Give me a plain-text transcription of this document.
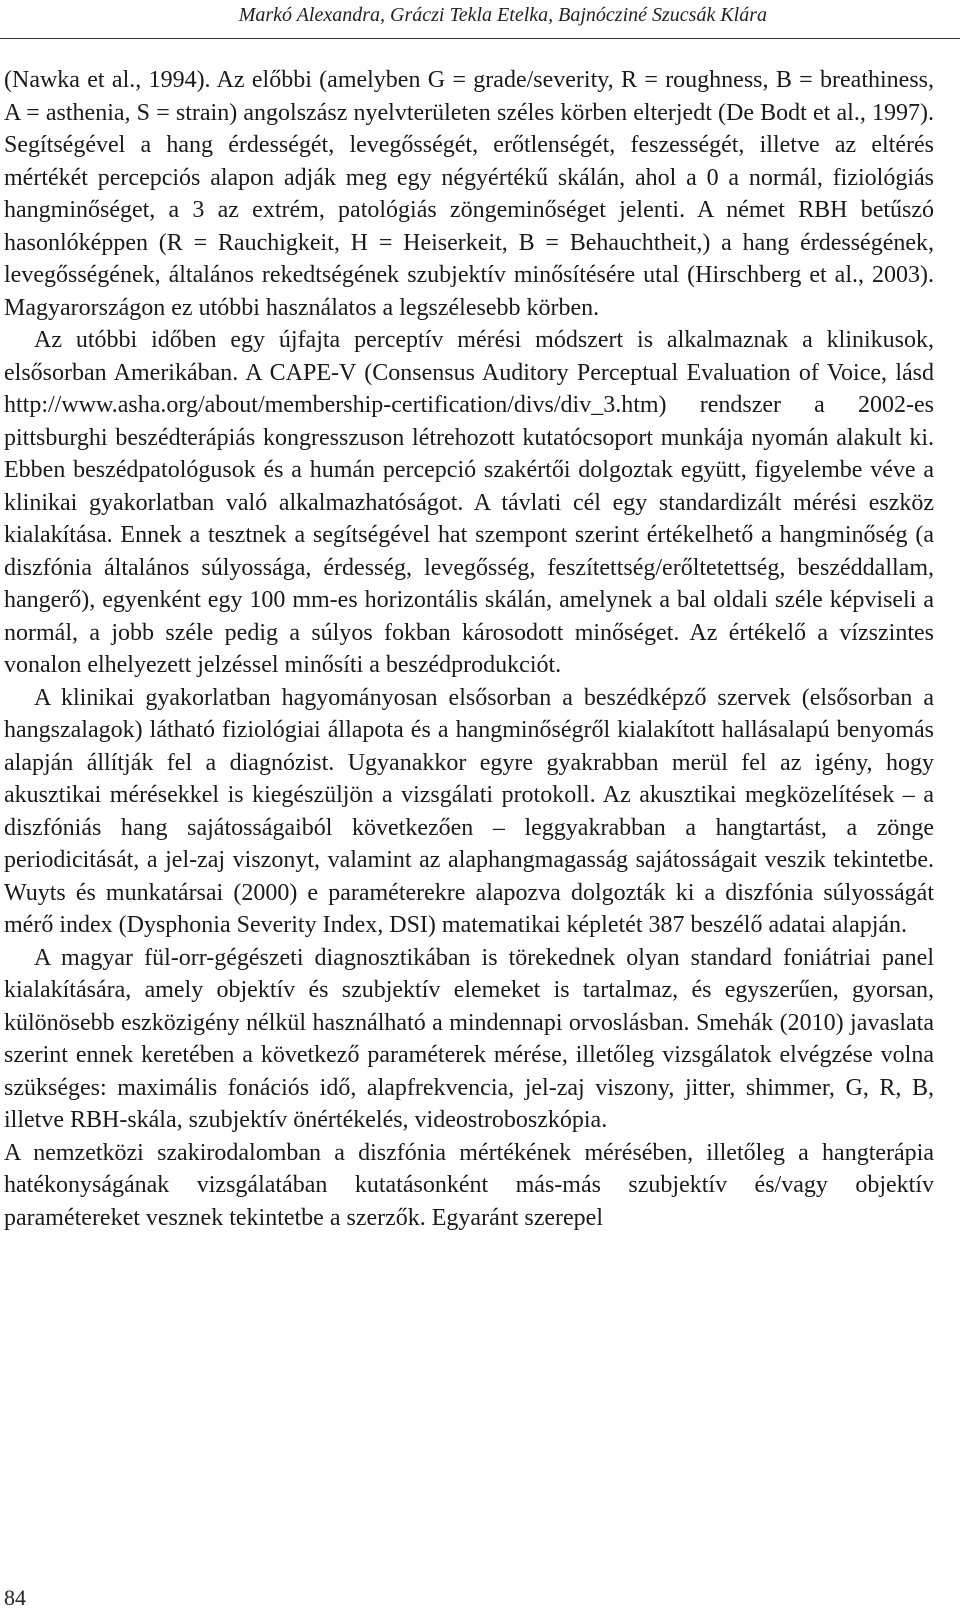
Markó Alexandra, Gráczi Tekla Etelka, Bajnócziné Szucsák Klára

(Nawka et al., 1994). Az előbbi (amelyben G = grade/severity, R = roughness, B = breathiness, A = asthenia, S = strain) angolszász nyelvterületen széles körben elterjedt (De Bodt et al., 1997). Segítségével a hang érdességét, levegősségét, erőtlenségét, feszességét, illetve az eltérés mértékét percepciós alapon adják meg egy négyértékű skálán, ahol a 0 a normál, fiziológiás hangminőséget, a 3 az extrém, patológiás zöngeminőséget jelenti. A német RBH betűszó hasonlóképpen (R = Rauchigkeit, H = Heiserkeit, B = Behauchtheit,) a hang érdességének, levegősségének, általános rekedtségének szubjektív minősítésére utal (Hirschberg et al., 2003). Magyarországon ez utóbbi használatos a legszélesebb körben.

Az utóbbi időben egy újfajta perceptív mérési módszert is alkalmaznak a klinikusok, elsősorban Amerikában. A CAPE-V (Consensus Auditory Perceptual Evaluation of Voice, lásd http://www.asha.org/about/membership-certification/divs/div_3.htm) rendszer a 2002-es pittsburghi beszédterápiás kongresszuson létrehozott kutatócsoport munkája nyomán alakult ki. Ebben beszédpatológusok és a humán percepció szakértői dolgoztak együtt, figyelembe véve a klinikai gyakorlatban való alkalmazhatóságot. A távlati cél egy standardizált mérési eszköz kialakítása. Ennek a tesztnek a segítségével hat szempont szerint értékelhető a hangminőség (a diszfónia általános súlyossága, érdesség, levegősség, feszítettség/erőltetettség, beszéddallam, hangerő), egyenként egy 100 mm-es horizontális skálán, amelynek a bal oldali széle képviseli a normál, a jobb széle pedig a súlyos fokban károsodott minőséget. Az értékelő a vízszintes vonalon elhelyezett jelzéssel minősíti a beszédprodukciót.

A klinikai gyakorlatban hagyományosan elsősorban a beszédképző szervek (elsősorban a hangszalagok) látható fiziológiai állapota és a hangminőségről kialakított hallásalapú benyomás alapján állítják fel a diagnózist. Ugyanakkor egyre gyakrabban merül fel az igény, hogy akusztikai mérésekkel is kiegészüljön a vizsgálati protokoll. Az akusztikai megközelítések – a diszfóniás hang sajátosságaiból következően – leggyakrabban a hangtartást, a zönge periodicitását, a jel-zaj viszonyt, valamint az alaphangmagasság sajátosságait veszik tekintetbe. Wuyts és munkatársai (2000) e paraméterekre alapozva dolgozták ki a diszfónia súlyosságát mérő index (Dysphonia Severity Index, DSI) matematikai képletét 387 beszélő adatai alapján.

A magyar fül-orr-gégészeti diagnosztikában is törekednek olyan standard foniátriai panel kialakítására, amely objektív és szubjektív elemeket is tartalmaz, és egyszerűen, gyorsan, különösebb eszközigény nélkül használható a mindennapi orvoslásban. Smehák (2010) javaslata szerint ennek keretében a következő paraméterek mérése, illetőleg vizsgálatok elvégzése volna szükséges: maximális fonációs idő, alapfrekvencia, jel-zaj viszony, jitter, shimmer, G, R, B, illetve RBH-skála, szubjektív önértékelés, videostroboszkópia.

A nemzetközi szakirodalomban a diszfónia mértékének mérésében, illetőleg a hangterápia hatékonyságának vizsgálatában kutatásonként más-más szubjektív és/vagy objektív paramétereket vesznek tekintetbe a szerzők. Egyaránt szerepel

84
